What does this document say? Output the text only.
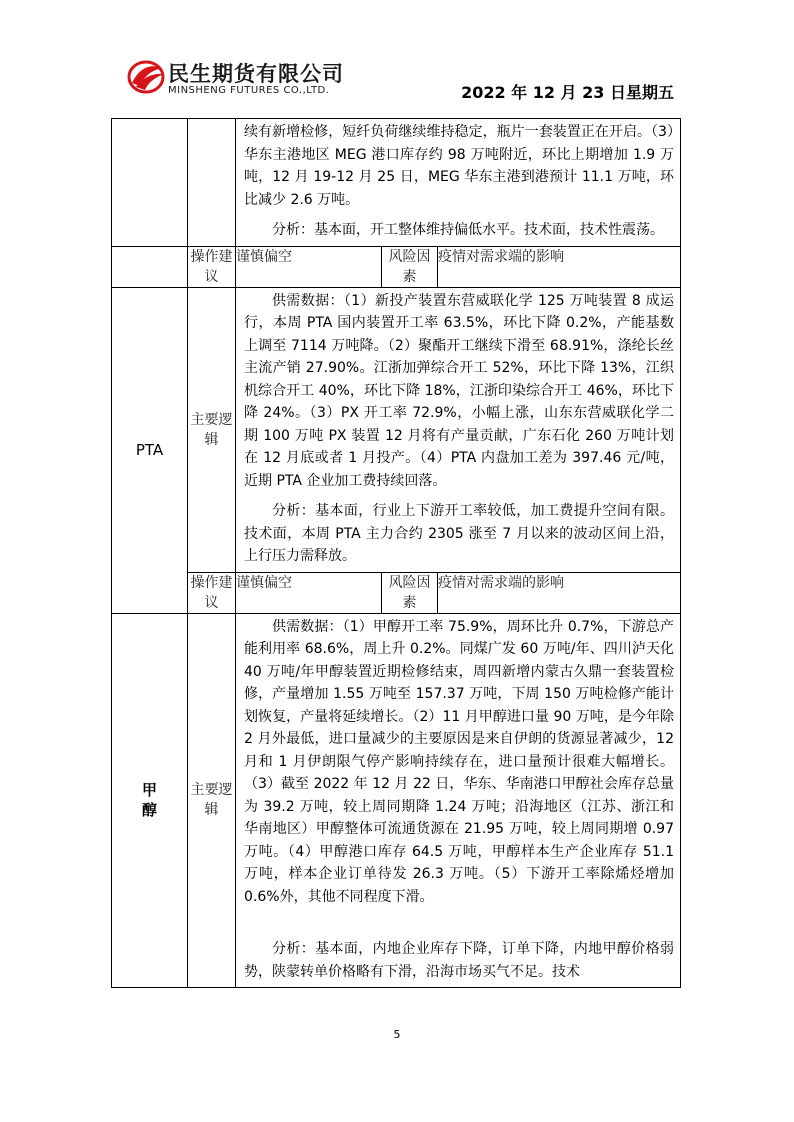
民生期货有限公司
MINSHENG FUTURES CO.,LTD.	2022 年 12 月 23 日星期五

		续有新增检修，短纤负荷继续维持稳定，瓶片一套装置正在开启。（3）华东主港地区 MEG 港口库存约 98 万吨附近，环比上期增加 1.9 万吨，12 月 19-12 月 25 日，MEG 华东主港到港预计 11.1 万吨，环比减少 2.6 万吨。

分析：基本面，开工整体维持偏低水平。技术面，技术性震荡。		

	操作建议	谨慎偏空	风险因素	疫情对需求端的影响
PTA	主要逻辑	供需数据：（1）新投产装置东营威联化学 125 万吨装置 8 成运行，本周 PTA 国内装置开工率 63.5%，环比下降 0.2%，产能基数上调至 7114 万吨降。（2）聚酯开工继续下滑至 68.91%，涤纶长丝主流产销 27.90%。江浙加弹综合开工 52%，环比下降 13%，江织机综合开工 40%，环比下降 18%，江浙印染综合开工 46%，环比下降 24%。（3）PX 开工率 72.9%，小幅上涨，山东东营威联化学二期 100 万吨 PX 装置 12 月将有产量贡献，广东石化 260 万吨计划在 12 月底或者 1 月投产。（4）PTA 内盘加工差为 397.46 元/吨，近期 PTA 企业加工费持续回落。

分析：基本面，行业上下游开工率较低，加工费提升空间有限。技术面，本周 PTA 主力合约 2305 涨至 7 月以来的波动区间上沿，上行压力需释放。		

	操作建议	谨慎偏空	风险因素	疫情对需求端的影响
甲醇	主要逻辑	供需数据：（1）甲醇开工率 75.9%，周环比升 0.7%，下游总产能利用率 68.6%，周上升 0.2%。同煤广发 60 万吨/年、四川泸天化 40 万吨/年甲醇装置近期检修结束，周四新增内蒙古久鼎一套装置检修，产量增加 1.55 万吨至 157.37 万吨，下周 150 万吨检修产能计划恢复，产量将延续增长。（2）11 月甲醇进口量 90 万吨，是今年除 2 月外最低，进口量减少的主要原因是来自伊朗的货源显著减少，12 月和 1 月伊朗限气停产影响持续存在，进口量预计很难大幅增长。（3）截至 2022 年 12 月 22 日，华东、华南港口甲醇社会库存总量为 39.2 万吨，较上周同期降 1.24 万吨；沿海地区（江苏、浙江和华南地区）甲醇整体可流通货源在 21.95 万吨，较上周同期增 0.97 万吨。（4）甲醇港口库存 64.5 万吨，甲醇样本生产企业库存 51.1 万吨，样本企业订单待发 26.3 万吨。（5）下游开工率除烯烃增加 0.6%外，其他不同程度下滑。

分析：基本面，内地企业库存下降，订单下降，内地甲醇价格弱势，陕蒙转单价格略有下滑，沿海市场买气不足。技术		

5
